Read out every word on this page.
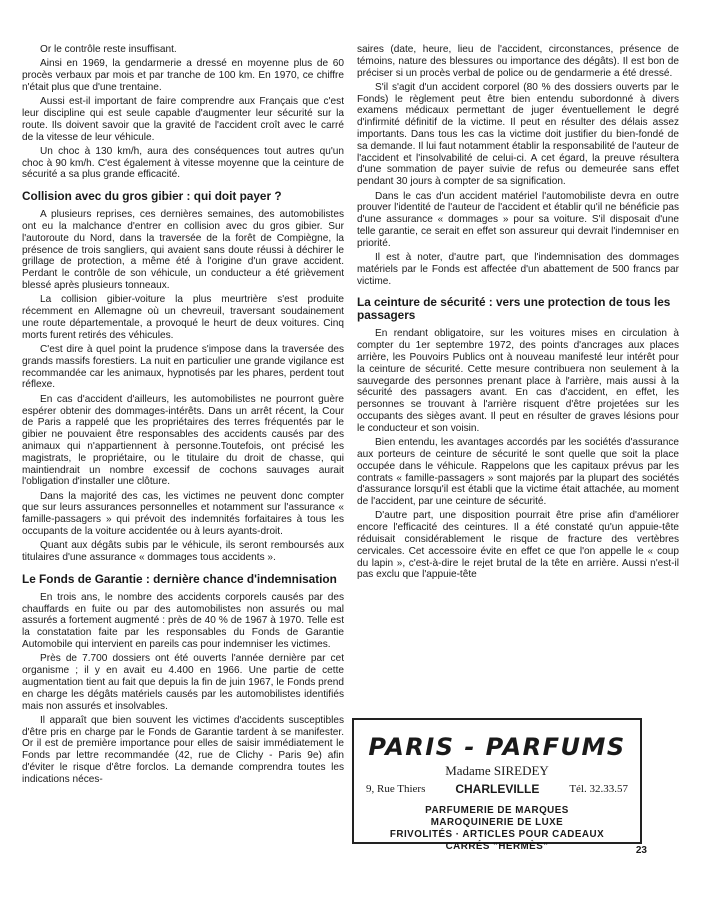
Or le contrôle reste insuffisant.

Ainsi en 1969, la gendarmerie a dressé en moyenne plus de 60 procès verbaux par mois et par tranche de 100 km. En 1970, ce chiffre n'était plus que d'une trentaine.

Aussi est-il important de faire comprendre aux Français que c'est leur discipline qui est seule capable d'augmenter leur sécurité sur la route. Ils doivent savoir que la gravité de l'accident croît avec le carré de la vitesse de leur véhicule.

Un choc à 130 km/h, aura des conséquences tout autres qu'un choc à 90 km/h. C'est également à vitesse moyenne que la ceinture de sécurité a sa plus grande efficacité.

Collision avec du gros gibier : qui doit payer ?

A plusieurs reprises, ces dernières semaines, des automobilistes ont eu la malchance d'entrer en collision avec du gros gibier. Sur l'autoroute du Nord, dans la traversée de la forêt de Compiègne, la présence de trois sangliers, qui avaient sans doute réussi à déchirer le grillage de protection, a même été à l'origine d'un grave accident. Perdant le contrôle de son véhicule, un conducteur a été grièvement blessé après plusieurs tonneaux.

La collision gibier-voiture la plus meurtrière s'est produite récemment en Allemagne où un chevreuil, traversant soudainement une route départementale, a provoqué le heurt de deux voitures. Cinq morts furent retirés des véhicules.

C'est dire à quel point la prudence s'impose dans la traversée des grands massifs forestiers. La nuit en particulier une grande vigilance est recommandée car les animaux, hypnotisés par les phares, perdent tout réflexe.

En cas d'accident d'ailleurs, les automobilistes ne pourront guère espérer obtenir des dommages-intérêts. Dans un arrêt récent, la Cour de Paris a rappelé que les propriétaires des terres fréquentés par le gibier ne pouvaient être responsables des accidents causés par des animaux qui n'appartiennent à personne.Toutefois, ont précisé les magistrats, le propriétaire, ou le titulaire du droit de chasse, qui maintiendrait un nombre excessif de cochons sauvages aurait l'obligation d'installer une clôture.

Dans la majorité des cas, les victimes ne peuvent donc compter que sur leurs assurances personnelles et notamment sur l'assurance « famille-passagers » qui prévoit des indemnités forfaitaires à tous les occupants de la voiture accidentée ou à leurs ayants-droit.

Quant aux dégâts subis par le véhicule, ils seront remboursés aux titulaires d'une assurance « dommages tous accidents ».

Le Fonds de Garantie : dernière chance d'indemnisation

En trois ans, le nombre des accidents corporels causés par des chauffards en fuite ou par des automobilistes non assurés ou mal assurés a fortement augmenté : près de 40 % de 1967 à 1970. Telle est la constatation faite par les responsables du Fonds de Garantie Automobile qui intervient en pareils cas pour indemniser les victimes.

Près de 7.700 dossiers ont été ouverts l'année dernière par cet organisme ; il y en avait eu 4.400 en 1966. Une partie de cette augmentation tient au fait que depuis la fin de juin 1967, le Fonds prend en charge les dégâts matériels causés par les automobilistes identifiés mais non assurés et insolvables.

Il apparaît que bien souvent les victimes d'accidents susceptibles d'être pris en charge par le Fonds de Garantie tardent à se manifester. Or il est de première importance pour elles de saisir immédiatement le Fonds par lettre recommandée (42, rue de Clichy - Paris 9e) afin d'éviter le risque d'être forclos. La demande comprendra toutes les indications néces-

saires (date, heure, lieu de l'accident, circonstances, présence de témoins, nature des blessures ou importance des dégâts). Il est bon de préciser si un procès verbal de police ou de gendarmerie a été dressé.

S'il s'agit d'un accident corporel (80 % des dossiers ouverts par le Fonds) le règlement peut être bien entendu subordonné à divers examens médicaux permettant de juger éventuellement le degré d'infirmité définitif de la victime. Il peut en résulter des délais assez importants. Dans tous les cas la victime doit justifier du bien-fondé de sa demande. Il lui faut notamment établir la responsabilité de l'auteur de l'accident et l'insolvabilité de celui-ci. A cet égard, la preuve résultera d'une sommation de payer suivie de refus ou demeurée sans effet pendant 30 jours à compter de sa signification.

Dans le cas d'un accident matériel l'automobiliste devra en outre prouver l'identité de l'auteur de l'accident et établir qu'il ne bénéficie pas d'une assurance « dommages » pour sa voiture. S'il disposait d'une telle garantie, ce serait en effet son assureur qui devrait l'indemniser en priorité.

Il est à noter, d'autre part, que l'indemnisation des dommages matériels par le Fonds est affectée d'un abattement de 500 francs par victime.

La ceinture de sécurité : vers une protection de tous les passagers

En rendant obligatoire, sur les voitures mises en circulation à compter du 1er septembre 1972, des points d'ancrages aux places arrière, les Pouvoirs Publics ont à nouveau manifesté leur intérêt pour la ceinture de sécurité. Cette mesure contribuera non seulement à la sauvegarde des personnes prenant place à l'arrière, mais aussi à la sécurité des passagers avant. En cas d'accident, en effet, les personnes se trouvant à l'arrière risquent d'être projetées sur les occupants des sièges avant. Il peut en résulter de graves lésions pour le conducteur et son voisin.

Bien entendu, les avantages accordés par les sociétés d'assurance aux porteurs de ceinture de sécurité le sont quelle que soit la place occupée dans le véhicule. Rappelons que les capitaux prévus par les contrats « famille-passagers » sont majorés par la plupart des sociétés d'assurance lorsqu'il est établi que la victime était attachée, au moment de l'accident, par une ceinture de sécurité.

D'autre part, une disposition pourrait être prise afin d'améliorer encore l'efficacité des ceintures. Il a été constaté qu'un appuie-tête réduisait considérablement le risque de fracture des vertèbres cervicales. Cet accessoire évite en effet ce que l'on appelle le « coup du lapin », c'est-à-dire le rejet brutal de la tête en arrière. Aussi n'est-il pas exclu que l'appuie-tête

PARIS - PARFUMS
Madame SIREDEY
9, Rue Thiers CHARLEVILLE	Tél. 32.33.57
PARFUMERIE DE MARQUES
MAROQUINERIE DE LUXE
FRIVOLITÉS · ARTICLES POUR CADEAUX
CARRÉS "HERMÈS"	23
